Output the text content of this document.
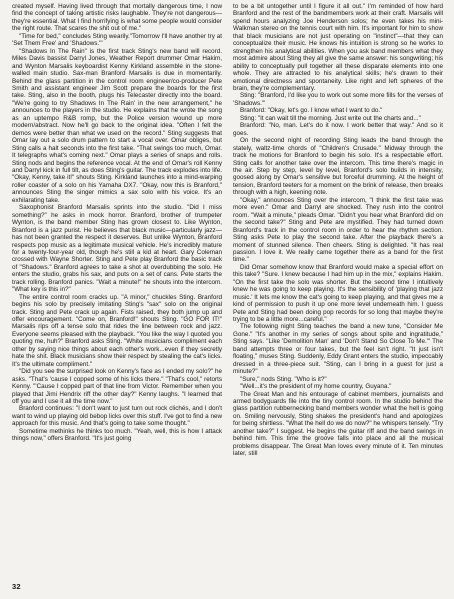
created myself. Having lived through that mortally dangerous time, I now find the concept of taking artistic risks laughable. They're not dangerous—they're essential. What I find horrifying is what some people would consider the right route. That scares the shit out of me."

"Time for bed," concludes Sting wearily."Tomorrow I'll have another try at 'Set Them Free' and 'Shadows.'"

"Shadows In The Rain" is the first track Sting's new band will record. Miles Davis bassist Darryl Jones, Weather Report drummer Omar Hakim, and Wynton Marsalis keyboardist Kenny Kirkland assemble in the stone-walled main studio. Sax-man Branford Marsalis is due in momentarily. Behind the glass partition in the control room engineer/co-producer Pete Smith and assistant engineer Jim Scott prepare the boards for the first take. Sting, also in the booth, plugs his Telecaster directly into the board. "We're going to try Shadows In The Rain' in the new arrangement," he announces to the players in the studio. He explains that he wrote the song as an uptempo R&B romp, but the Police version wound up more modern/abstract. Now he'll go back to the original idea. "Often I felt the demos were better than what we used on the record." Sting suggests that Omar lay out a solo drum pattern to start a vocal over. Omar obliges, but Sting calls a halt seconds into the first take. "That swings too much, Omar. It telegraphs what's coming next." Omar plays a series of snaps and rolls. Sting nods and begins the reference vocal. At the end of Omar's roll Kenny and Darryl kick in full tilt, as does Sting's guitar. The track explodes into life. "Okay, Kenny, take it!" shouts Sting. Kirkland launches into a mind-warping roller coaster of a solo on his Yamaha DX7. "Okay, now this is Branford," announces Sting the singer mimics a sax solo with his voice. It's an exhilarating take.

Saxophonist Branford Marsalis sprints into the studio. "Did I miss something?" he asks in mock horror. Branford, brother of trumpeter Wynton, is the band member Sting has grown closest to. Like Wynton, Branford is a jazz purist. He believes that black music—particularly jazz—has not been granted the respect it deserves. But unlike Wynton, Branford respects pop music as a legitimate musical vehicle. He's incredibly mature for a twenty-four-year old, though he's still a kid at heart. Gary Coleman crossed with Wayne Shorter. Sting and Pete play Branford the basic track of "Shadows." Branford agrees to take a shot at overdubbing the solo. He enters the studio, grabs his sax, and puts on a set of cans. Pete starts the track rolling. Branford panics. "Wait a minute!" he shouts into the intercom. "What key is this in?"

The entire control room cracks up. "A minor," chuckles Sting. Branford begins his solo by precisely imitating Sting's "sax" solo on the original track. Sting and Pete crack up again. Fists raised, they both jump up and offer encouragement. "Come on, Branford!" shouts Sting. "GO FOR IT!" Marsalis rips off a tense solo that rides the line between rock and jazz. Everyone seems pleased with the playback. "You like the way I quoted you quoting me, huh?" Branford asks Sting. "White musicians compliment each other by saying nice things about each other's work...even if they secretly hate the shit. Black musicians show their respect by stealing the cat's licks. It's the ultimate compliment."

"Did you see the surprised look on Kenny's face as I ended my solo?" he asks. "That's 'cause I copped some of his licks there." "That's cool," retorts Kenny. "'Cause I copped part of that line from Victor. Remember when you played that Jimi Hendrix riff the other day?" Kenny laughs. "I learned that off you and I use it all the time now."

Branford continues: "I don't want to just turn out rock clichés, and I don't want to wind up playing old bebop licks over this stuff. I've got to find a new approach for this music. And that's going to take some thought."

Sometime methinks he thinks too much. "Yeah, well, this is how I attack things now," offers Branford. "It's just going

to be a bit untogether until I figure it all out." I'm reminded of how hard Branford and the rest of the bandmembers work at their craft. Marsalis will spend hours analyzing Joe Henderson solos; he even takes his mini-Walkman stereo on the tennis court with him. It's important for him to show that black musicians are not just operating on "instinct"—that they can conceptualize their music. He knows his intuition is strong so he works to strengthen his analytical abilities. When you ask band members what they most admire about Sting they all give the same answer: his songwriting; his ability to conceptually pull together all these disparate elements into one whole. They are attracted to his analytical skills; he's drawn to their emotional directness and spontaneity. Like right and left spheres of the brain, they're complementary.

Sting: "Branford, I'd like you to work out some more fills for the verses of 'Shadows.'"

Branford: "Okay, let's go. I know what I want to do."

Sting: "It can wait till the morning. Just write out the charts and..."

Branford: "No, man. Let's do it now. I work better that way." And so it goes.

On the second night of recording Sting leads the band through the stately, waltz-time chords of "Children's Crusade." Midway through the track he motions for Branford to begin his solo. It's a respectable effort. Sting calls for another take over the intercom. This time there's magic in the air. Step by step, level by level, Branford's solo builds in intensity, goosed along by Omar's sensitive but forceful drumming. At the height of tension, Branford teeters for a moment on the brink of release, then breaks through with a high, keening note.

"Okay," announces Sting over the intercom, "I think the first take was more even." Omar and Darryl are shocked. They rush into the control room. "Wait a minute," pleads Omar. "Didn't you hear what Branford did on the second take?" Sting and Pete are mystified. They had turned down Branford's track in the control room in order to hear the rhythm section. Sting asks Pete to play the second take. After the playback there's a moment of stunned silence. Then cheers. Sting is delighted. "It has real passion. I love it. We really came together there as a band for the first time."

Did Omar somehow know that Branford would make a special effort on this take? "Sure. I knew because I had him up in the mix," explains Hakim. "On the first take the solo was shorter. But the second time I intuitively knew he was going to keep playing. It's the sensibility of 'playing that jazz music.' It lets me know the cat's going to keep playing, and that gives me a kind of permission to push it up one more level underneath him. I guess Pete and Sting had been doing pop records for so long that maybe they're trying to be a little more...careful."

The following night Sting teaches the band a new tune, "Consider Me Gone." "It's another in my series of songs about spite and ingratitude," Sting says. "Like 'Demolition Man' and 'Don't Stand So Close To Me.'" The band attempts three or four takes, but the feel isn't right. "It just isn't floating," muses Sting. Suddenly, Eddy Grant enters the studio, impeccably dressed in a three-piece suit. "Sting, can I bring in a guest for just a minute?"

"Sure," nods Sting. "Who is it?"

"Well...it's the president of my home country, Guyana."

The Great Man and his entourage of cabinet members, journalists and armed bodyguards file into the tiny control room. In the studio behind the glass partition rubbernecking band members wonder what the hell is going on. Smiling nervously, Sting shakes the president's hand and apologizes for being shirtless. "What the hell do we do now?" he whispers tensely. "Try another take?" I suggest. He begins the guitar riff and the band swings in behind him. This time the groove falls into place and all the musical problems disappear. The Great Man loves every minute of it. Ten minutes later, still

32
